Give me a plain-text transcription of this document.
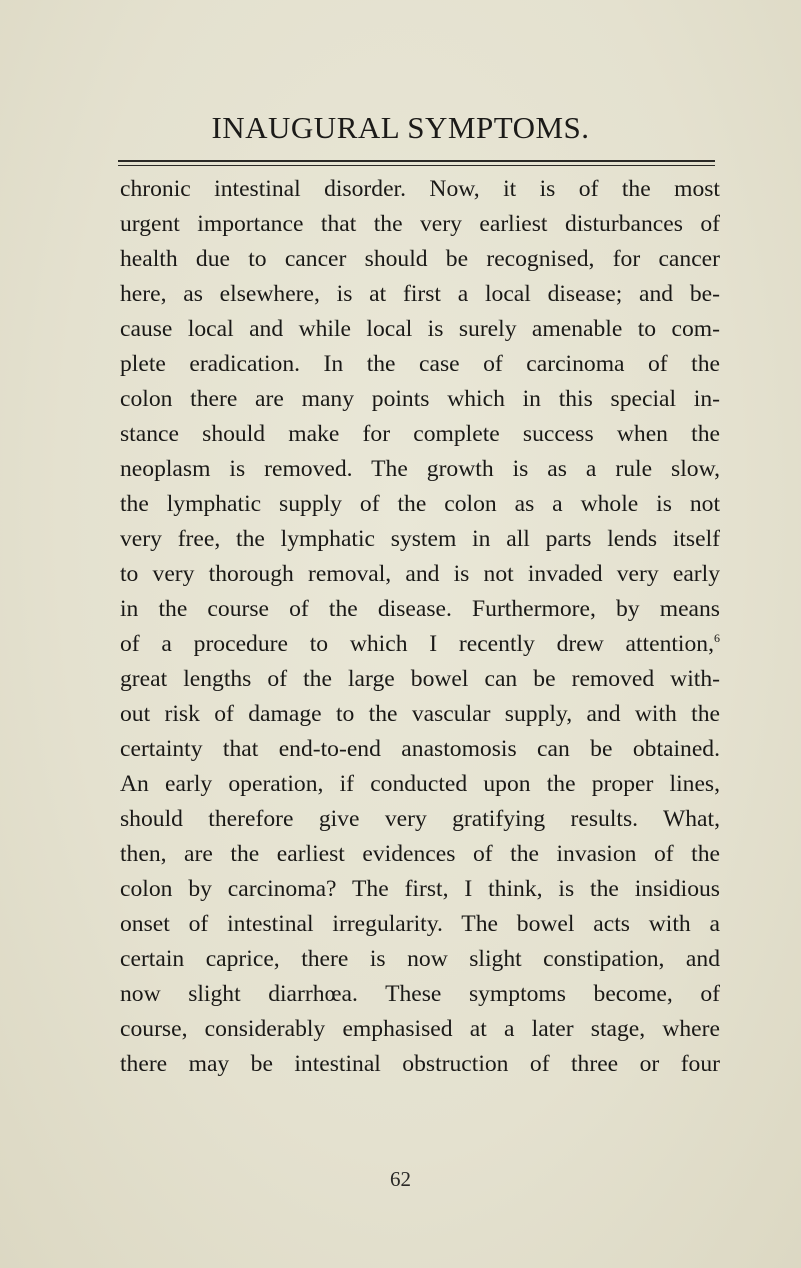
INAUGURAL SYMPTOMS.
chronic intestinal disorder. Now, it is of the most
urgent importance that the very earliest disturbances of
health due to cancer should be recognised, for cancer
here, as elsewhere, is at first a local disease; and be-
cause local and while local is surely amenable to com-
plete eradication. In the case of carcinoma of the
colon there are many points which in this special in-
stance should make for complete success when the
neoplasm is removed. The growth is as a rule slow,
the lymphatic supply of the colon as a whole is not
very free, the lymphatic system in all parts lends itself
to very thorough removal, and is not invaded very early
in the course of the disease. Furthermore, by means
of a procedure to which I recently drew attention,$^6$
great lengths of the large bowel can be removed with-
out risk of damage to the vascular supply, and with the
certainty that end-to-end anastomosis can be obtained.
An early operation, if conducted upon the proper lines,
should therefore give very gratifying results. What,
then, are the earliest evidences of the invasion of the
colon by carcinoma? The first, I think, is the insidious
onset of intestinal irregularity. The bowel acts with a
certain caprice, there is now slight constipation, and
now slight diarrhœa. These symptoms become, of
course, considerably emphasised at a later stage, where
there may be intestinal obstruction of three or four
62
